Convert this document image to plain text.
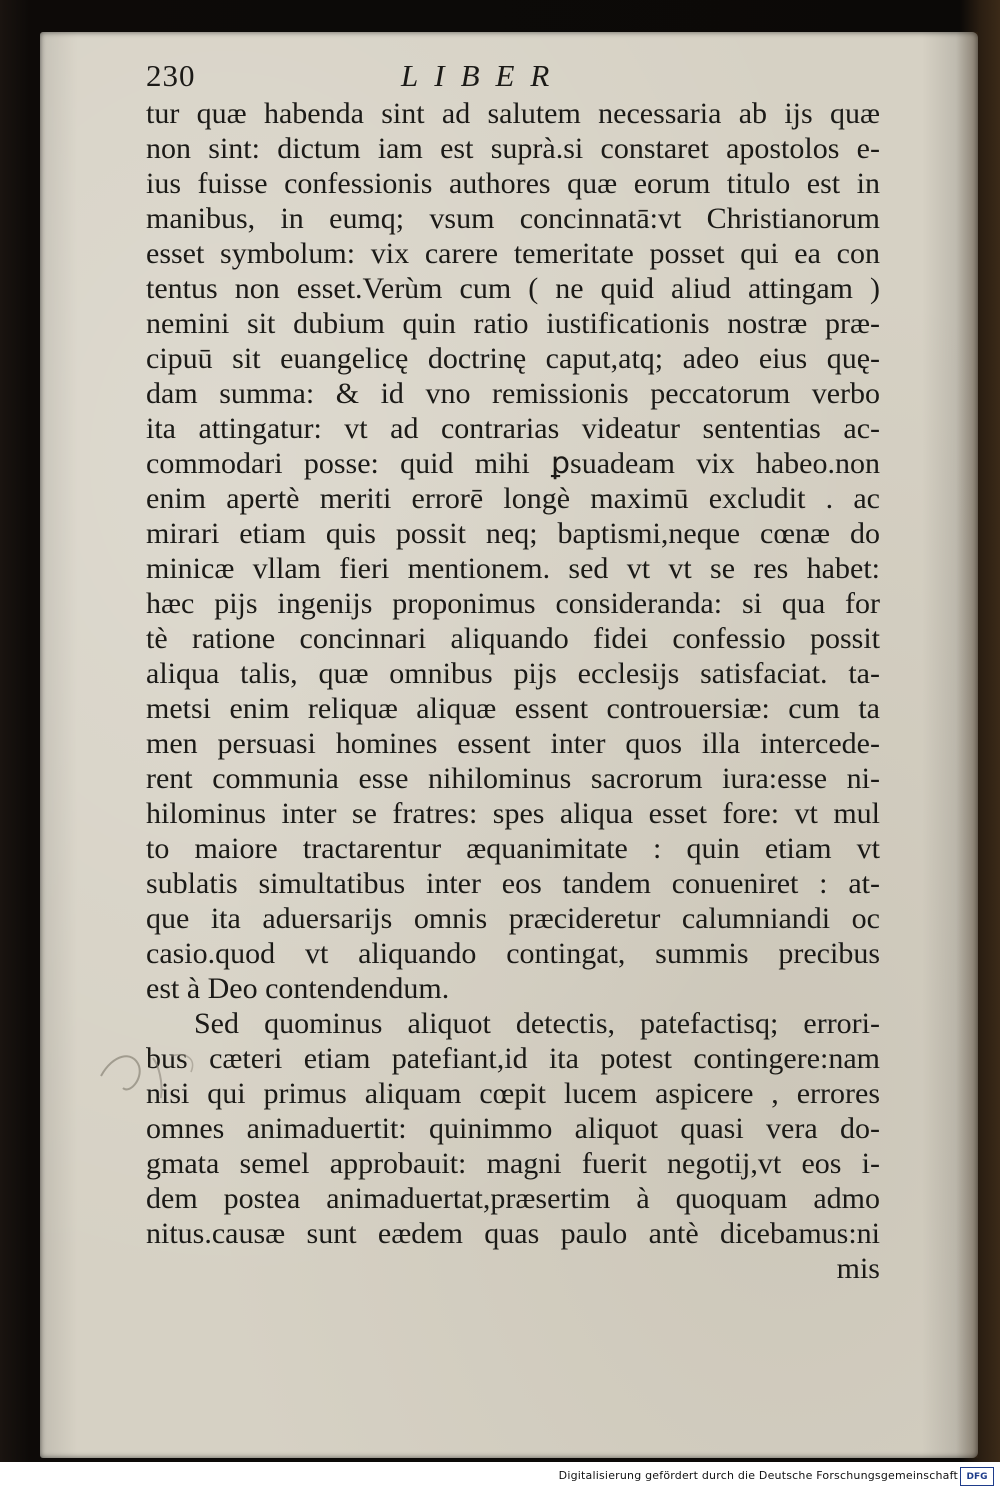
230	LIBER
tur quæ habenda sint ad salutem necessaria ab ijs quæ
non sint: dictum iam est suprà.si constaret apostolos e-
ius fuisse confessionis authores quæ eorum titulo est in
manibus, in eumq; vsum concinnatā:vt Christianorum
esset symbolum: vix carere temeritate posset qui ea con
tentus non esset.Verùm cum ( ne quid aliud attingam )
nemini sit dubium quin ratio iustificationis nostræ præ-
cipuū sit euangelicę doctrinę caput,atq; adeo eius quę-
dam summa: & id vno remissionis peccatorum verbo
ita attingatur: vt ad contrarias videatur sententias ac-
commodari posse: quid mihi ꝑsuadeam vix habeo.non
enim apertè meriti errorē longè maximū excludit . ac
mirari etiam quis possit neq; baptismi,neque cœnæ do
minicæ vllam fieri mentionem. sed vt vt se res habet:
hæc pijs ingenijs proponimus consideranda: si qua for
tè ratione concinnari aliquando fidei confessio possit
aliqua talis, quæ omnibus pijs ecclesijs satisfaciat. ta-
metsi enim reliquæ aliquæ essent controuersiæ: cum ta
men persuasi homines essent inter quos illa intercede-
rent communia esse nihilominus sacrorum iura:esse ni-
hilominus inter se fratres: spes aliqua esset fore: vt mul
to maiore tractarentur æquanimitate : quin etiam vt
sublatis simultatibus inter eos tandem conueniret : at-
que ita aduersarijs omnis præcideretur calumniandi oc
casio.quod vt aliquando contingat, summis precibus
est à Deo contendendum.
Sed quominus aliquot detectis, patefactisq; errori-
bus cæteri etiam patefiant,id ita potest contingere:nam
nisi qui primus aliquam cœpit lucem aspicere , errores
omnes animaduertit: quinimmo aliquot quasi vera do-
gmata semel approbauit: magni fuerit negotij,vt eos i-
dem postea animaduertat,præsertim à quoquam admo
nitus.causæ sunt eædem quas paulo antè dicebamus:ni
mis
Digitalisierung gefördert durch die Deutsche Forschungsgemeinschaft DFG
